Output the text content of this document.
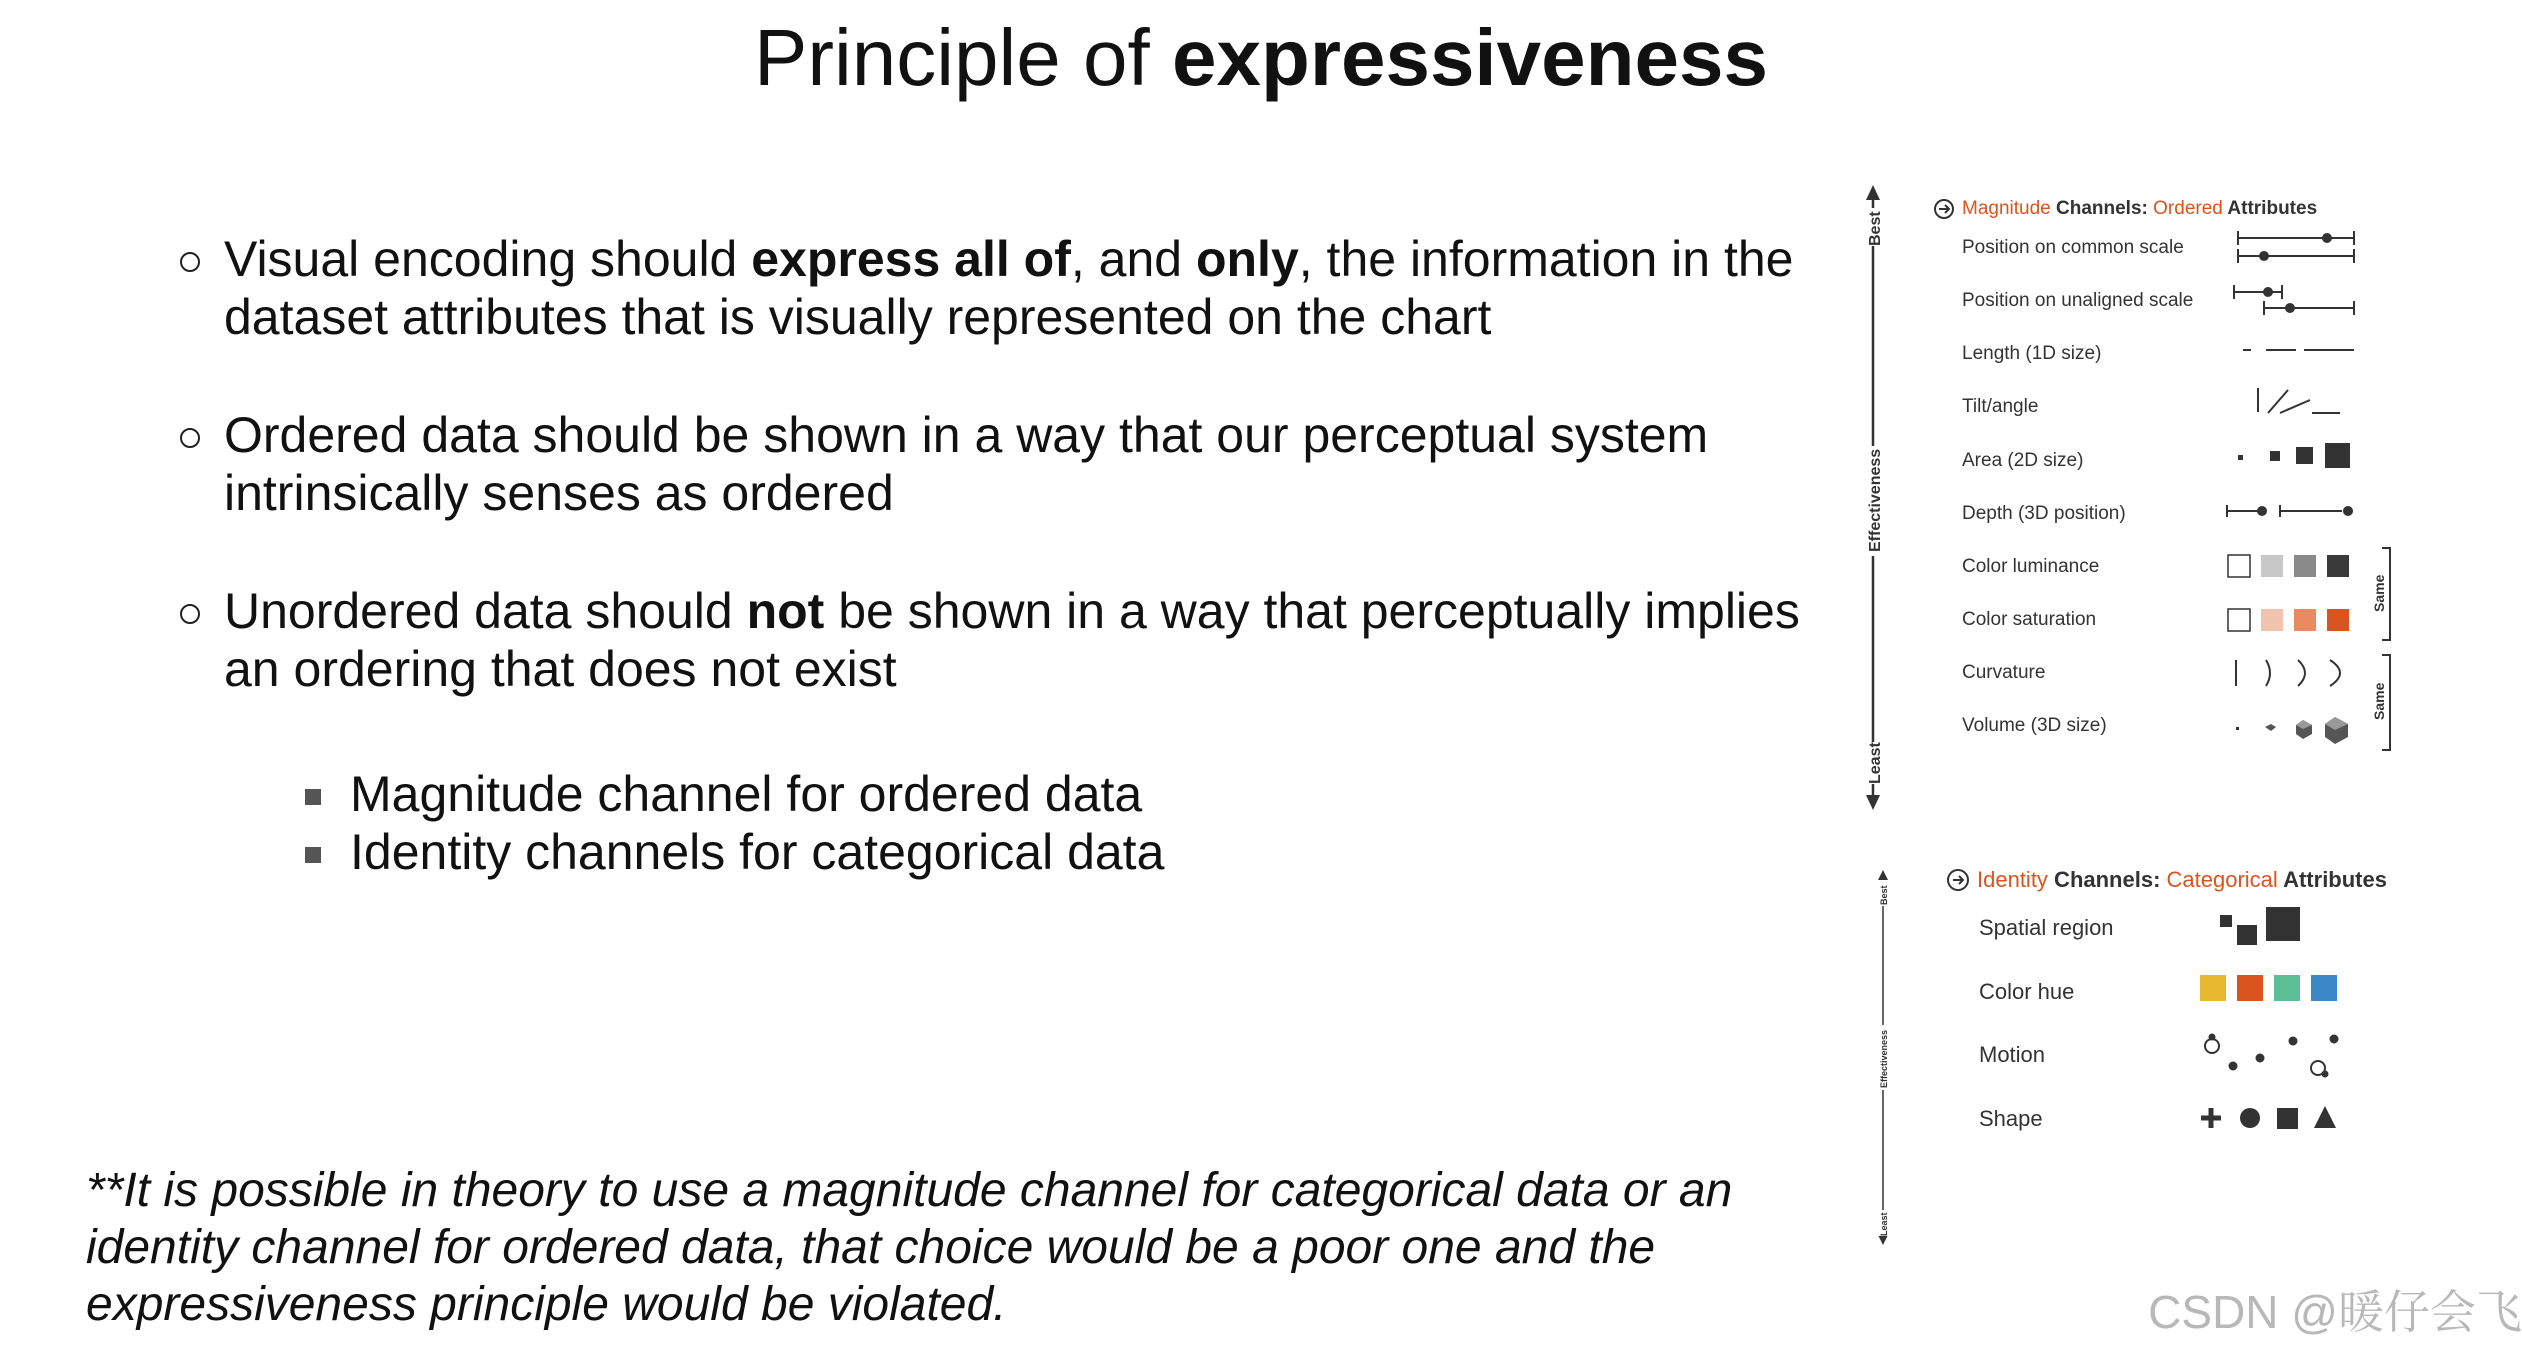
Principle of expressiveness
Visual encoding should express all of, and only, the information in the dataset attributes that is visually represented on the chart
Ordered data should be shown in a way that our perceptual system intrinsically senses as ordered
Unordered data should not be shown in a way that perceptually implies an ordering that does not exist
Magnitude channel for ordered data
Identity channels for categorical data
**It is possible in theory to use a magnitude channel for categorical data or an identity channel for ordered data, that choice would be a poor one and the expressiveness principle would be violated.	CSDN @暖仔会飞
Best
Effectiveness
Least
Magnitude Channels: Ordered Attributes
Position on common scale
Position on unaligned scale
Length (1D size)
Tilt/angle
Area (2D size)
Depth (3D position)
Color luminance
Color saturation
Curvature
Volume (3D size)
Same
Same
Best
Effectiveness
Least
Identity Channels: Categorical Attributes
Spatial region
Color hue
Motion
Shape
